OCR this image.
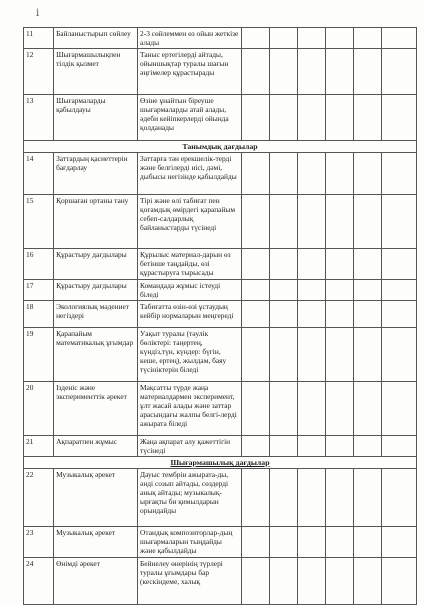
ⅰ
11	Байланыстырып сөйлеу	2-3 сөйлеммен өз ойын жеткізе алады						
12	Шығармашылықпен тілдік қызмет	Таныс ертегілерді айтады, ойыншықтар туралы шағын әңгімелер құрастырады						
13	Шығармаларды қабылдауы	Өзіне ұнайтын біреуше шығармаларды атай алады, әдеби кейіпкерлерді ойында қолданады						
Танымдық дағдылар								
14	Заттардың қасиеттерін бағдарлау	Заттарға тән ерекшелік-терді және белгілерді иісі, дәмі, дыбысы негізінде қабылдайды						
15	Қоршаған ортаны тану	Тірі және өлі табиғат пен қоғамдық өмірдегі қарапайым себеп-салдарлық байланыстарды түсінеді						
16	Құрастыру дағдылары	Құрылыс материал-дарын өз бетінше таңдайды, өзі құрастыруға тырысады						
17	Құрастыру дағдылары	Командада жұмыс істеуді біледі						
18	Экологиялық мәдениет негіздері	Табиғатта өзін-өзі ұстаудың кейбір нормаларын меңгереді						
19	Қарапайым математикалық ұғымдар	Уақыт туралы (тәулік бөліктері: таңертең, күндіз,түн, күндер: бүгін, кеше, ертең), жылдам, баяу түсініктерін біледі						
20	Ізденіс және эксперименттік әрекет	Мақсатты түрде жаңа материалдармен эксперимент, ұлт жасай алады және заттар арасындағы жалпы белгі-лерді ажырата біледі						
21	Ақпаратпен жұмыс	Жаңа ақпарат алу қажеттігін түсінеді						
Шығармашылық дағдылар								
22	Музыкалық әрекет	Дауыс тембрін ажырата-ды, әнді созып айтады, сөздерді анық айтады; музыкалық-ырғақты би қимылдарын орындайды						
23	Музыкалық әрекет	Отандық композиторлар-дың шығармаларын тыңдайды және қабылдайды						
24	Өнімді әрекет	Бейнелеу өнерінің түрлері туралы ұғымдары бар (кескіндеме, халық						
